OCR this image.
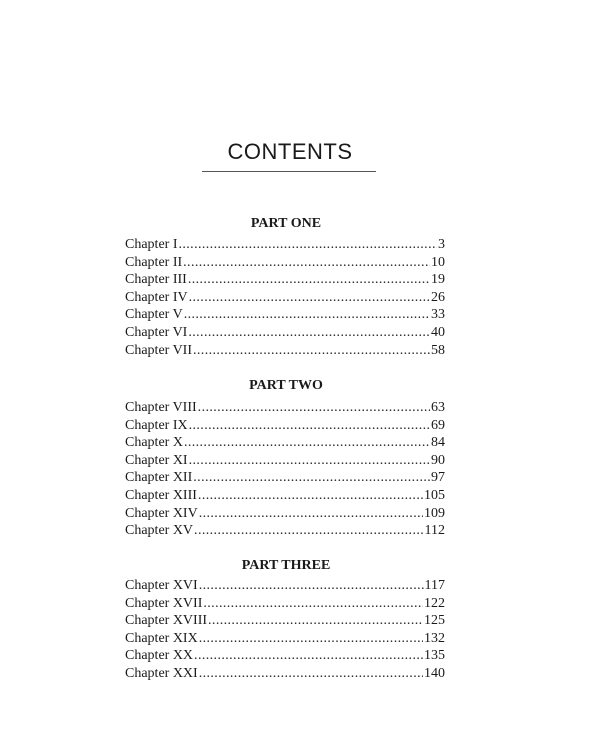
CONTENTS
PART ONE
Chapter I .....	3
Chapter II .....	10
Chapter III .....	19
Chapter IV .....	26
Chapter V .....	33
Chapter VI .....	40
Chapter VII .....	58
PART TWO
Chapter VIII .....	63
Chapter IX .....	69
Chapter X .....	84
Chapter XI .....	90
Chapter XII .....	97
Chapter XIII .....	105
Chapter XIV .....	109
Chapter XV .....	112
PART THREE
Chapter XVI .....	117
Chapter XVII .....	122
Chapter XVIII .....	125
Chapter XIX .....	132
Chapter XX .....	135
Chapter XXI .....	140
